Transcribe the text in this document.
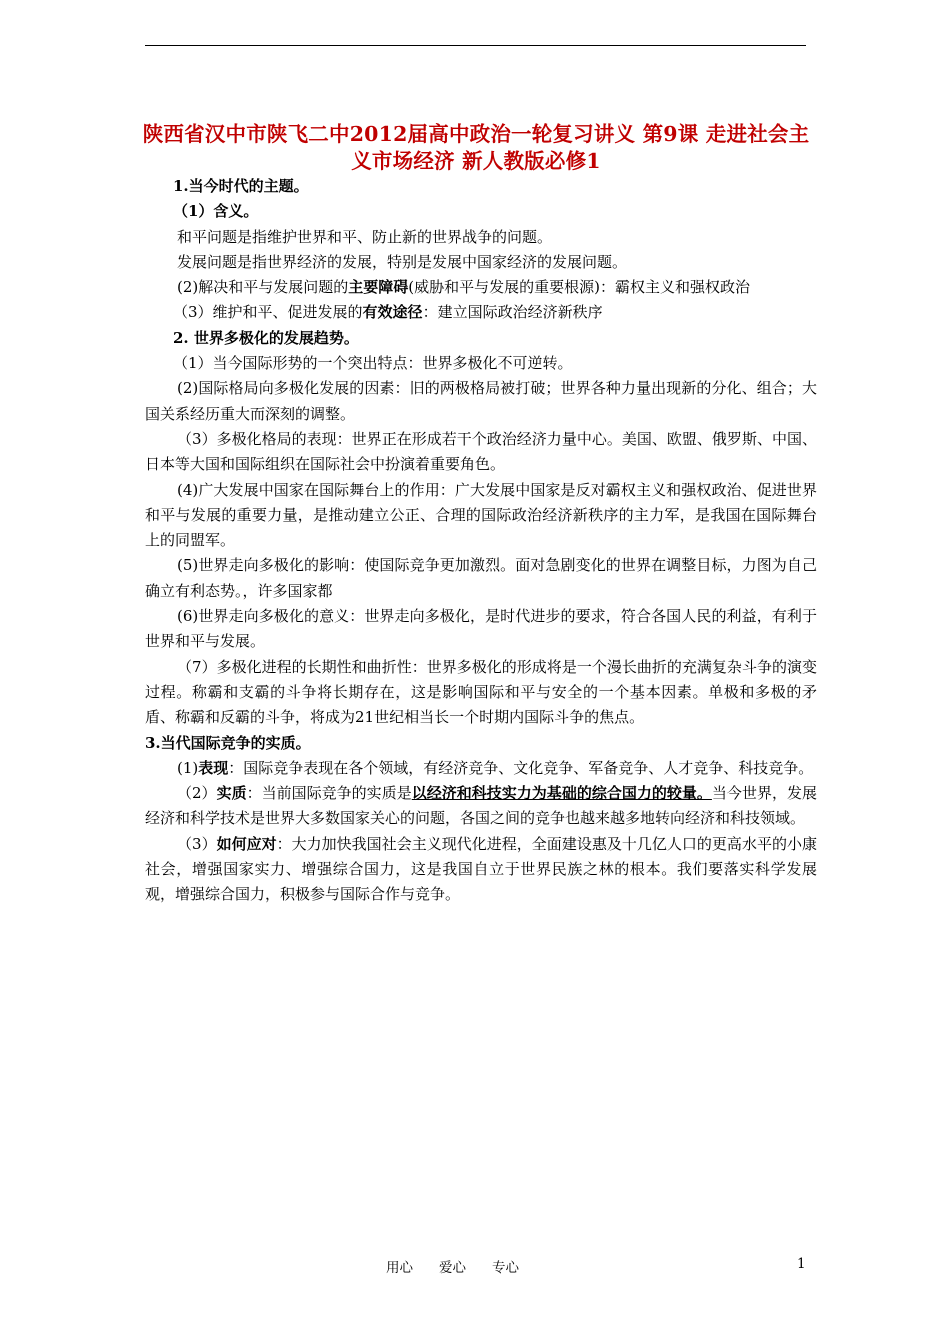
陕西省汉中市陕飞二中2012届高中政治一轮复习讲义 第9课 走进社会主义市场经济 新人教版必修1

1.当今时代的主题。

（1）含义。

和平问题是指维护世界和平、防止新的世界战争的问题。

发展问题是指世界经济的发展，特别是发展中国家经济的发展问题。

(2)解决和平与发展问题的主要障碍(威胁和平与发展的重要根源)：霸权主义和强权政治

（3）维护和平、促进发展的有效途径：建立国际政治经济新秩序

2. 世界多极化的发展趋势。

（1）当今国际形势的一个突出特点：世界多极化不可逆转。

(2)国际格局向多极化发展的因素：旧的两极格局被打破；世界各种力量出现新的分化、组合；大国关系经历重大而深刻的调整。

（3）多极化格局的表现：世界正在形成若干个政治经济力量中心。美国、欧盟、俄罗斯、中国、日本等大国和国际组织在国际社会中扮演着重要角色。

(4)广大发展中国家在国际舞台上的作用：广大发展中国家是反对霸权主义和强权政治、促进世界和平与发展的重要力量，是推动建立公正、合理的国际政治经济新秩序的主力军，是我国在国际舞台上的同盟军。

(5)世界走向多极化的影响：使国际竞争更加激烈。面对急剧变化的世界在调整目标，力图为自己确立有利态势。，许多国家都

(6)世界走向多极化的意义：世界走向多极化，是时代进步的要求，符合各国人民的利益，有利于世界和平与发展。

（7）多极化进程的长期性和曲折性：世界多极化的形成将是一个漫长曲折的充满复杂斗争的演变过程。称霸和支霸的斗争将长期存在，这是影响国际和平与安全的一个基本因素。单极和多极的矛盾、称霸和反霸的斗争，将成为21世纪相当长一个时期内国际斗争的焦点。

3.当代国际竞争的实质。

(1)表现：国际竞争表现在各个领域，有经济竞争、文化竞争、军备竞争、人才竞争、科技竞争。

（2）实质：当前国际竞争的实质是以经济和科技实力为基础的综合国力的较量。当今世界，发展经济和科学技术是世界大多数国家关心的问题，各国之间的竞争也越来越多地转向经济和科技领域。

（3）如何应对：大力加快我国社会主义现代化进程，全面建设惠及十几亿人口的更高水平的小康社会，增强国家实力、增强综合国力，这是我国自立于世界民族之林的根本。我们要落实科学发展观，增强综合国力，积极参与国际合作与竞争。

用心 爱心 专心	1
